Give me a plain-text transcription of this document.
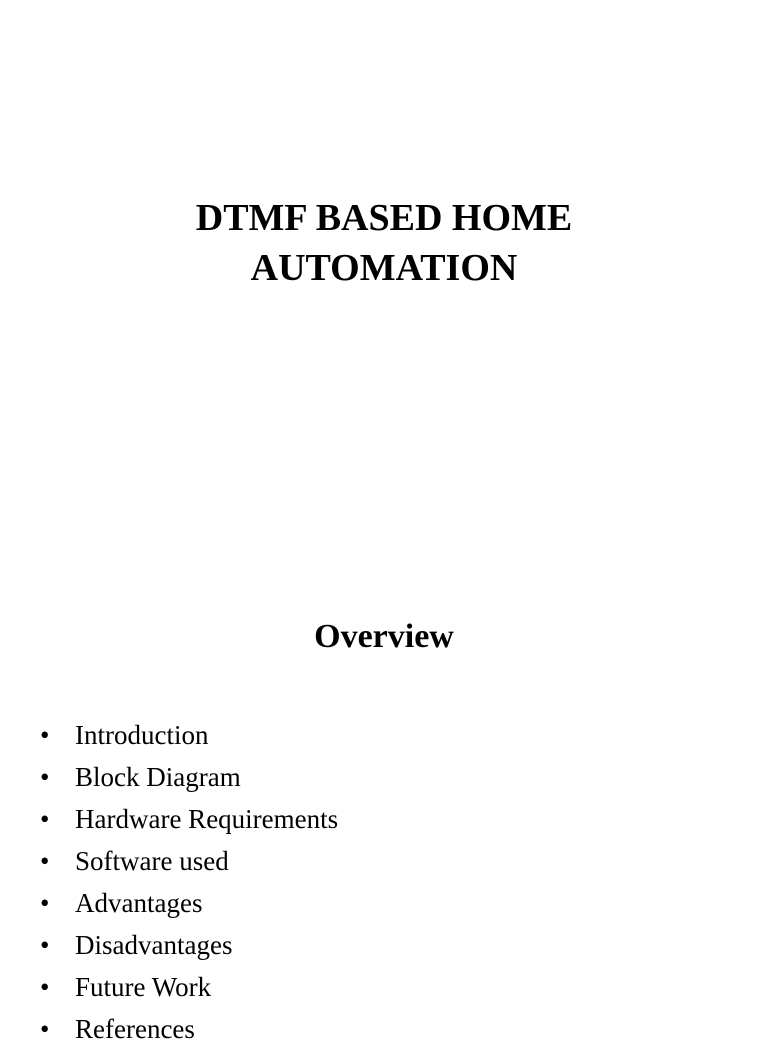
DTMF BASED HOME
AUTOMATION
Overview
• Introduction
• Block Diagram
• Hardware Requirements
• Software used
• Advantages
• Disadvantages
• Future Work
• References
